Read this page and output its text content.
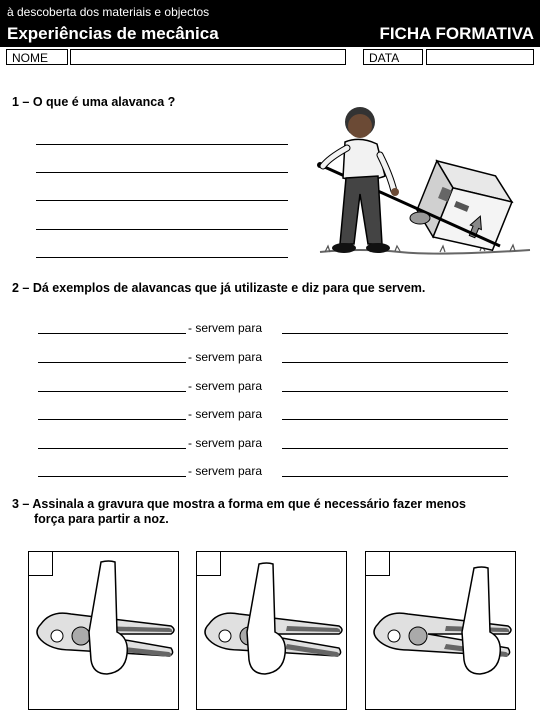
à descoberta dos materiais e objectos
Experiências de mecânica	FICHA FORMATIVA
NOME	DATA
1 – O que é uma alavanca ?
2 – Dá exemplos de alavancas que já utilizaste e diz para que servem.
- servem para
- servem para
- servem para
- servem para
- servem para
- servem para
3 – Assinala a gravura que mostra a forma em que é necessário fazer menos
força para partir a noz.
